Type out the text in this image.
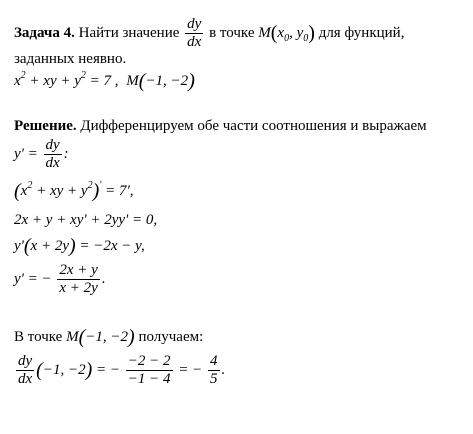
Задача 4. Найти значение $\frac{dy}{dx}$ в точке $M(x_0$, $y_0$) для функций,
заданных неявно.
$x^2$ + xy + $y^2 = 7$ , M(−1, −2)
Решение. Дифференцируем обе части соотношения и выражаем
$y' = \frac{dy}{dx}$ :
($x^2$ + xy + $y^2)' = 7'$,
2x + y + xy' + 2yy' = 0,
y'(x + 2y) = −2x − y,
y' = − $\frac{2x + y}{x + 2y}$ .
В точке M(−1, −2) получаем:
$\frac{dy}{dx} (-1$, −2) = − $\frac{-2 - 2}{-1 - 4}$ = − $\frac{4}{5}$ .
